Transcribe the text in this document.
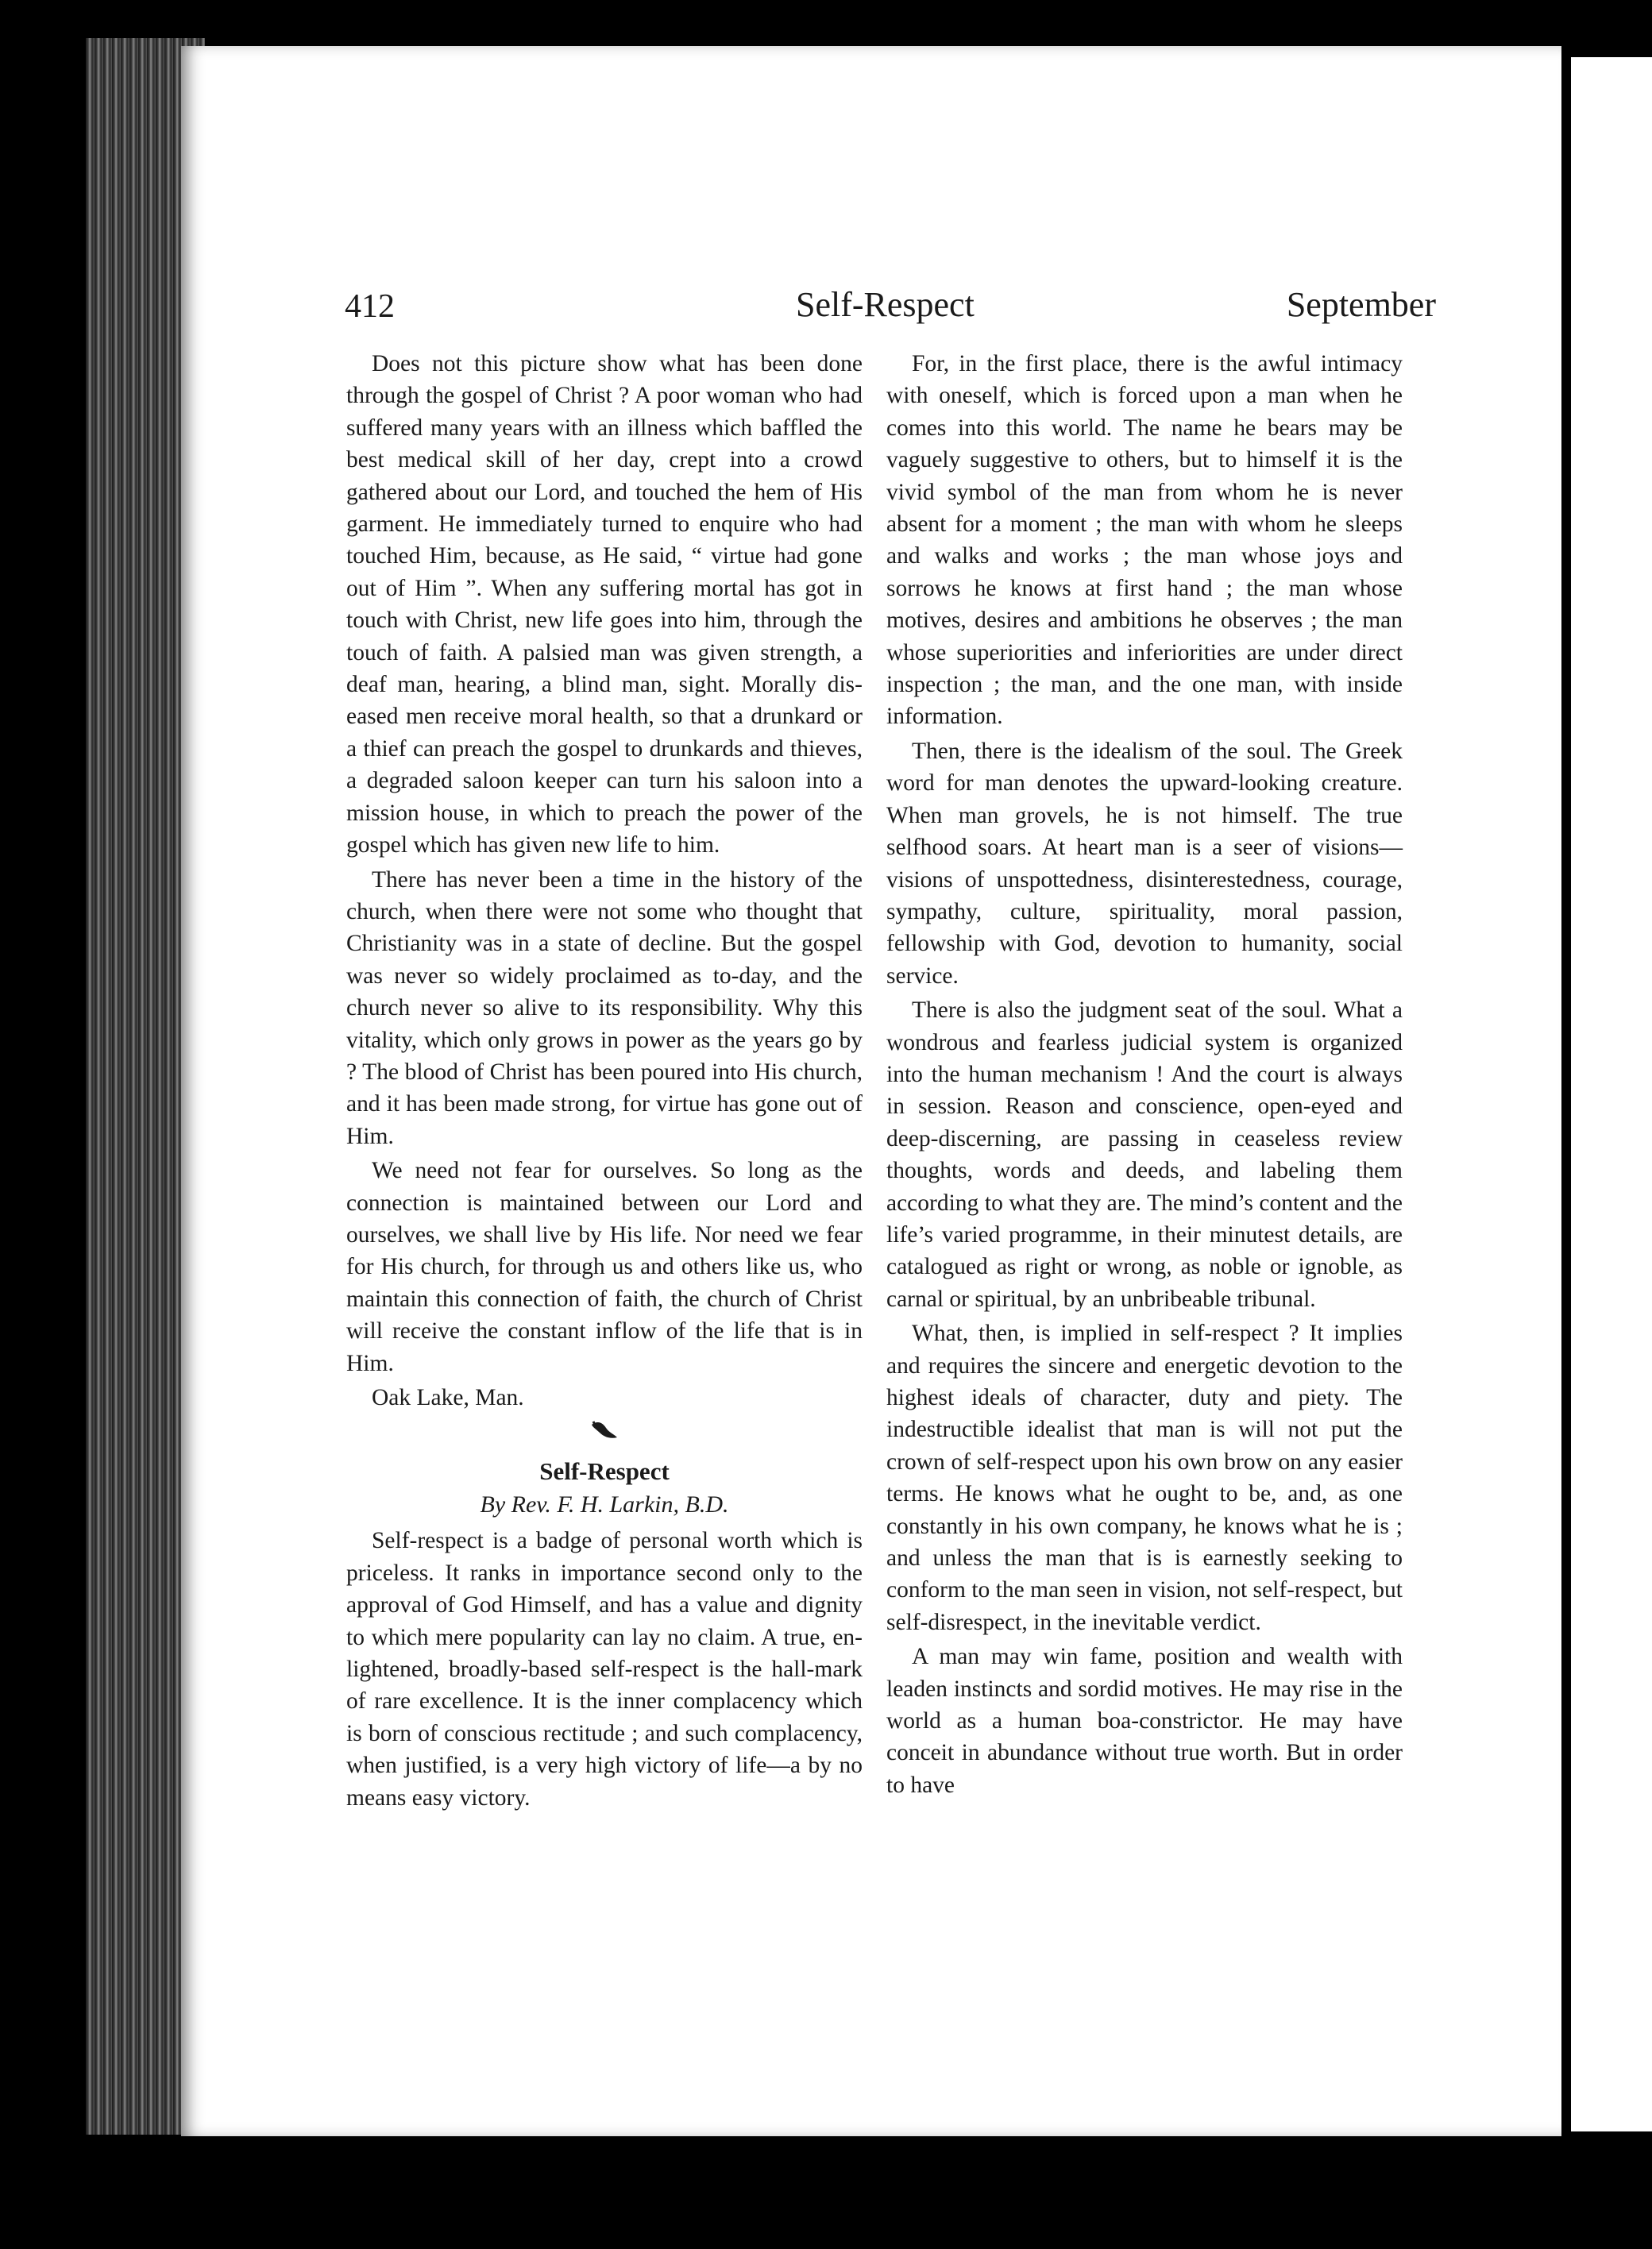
412	Self-Respect	September

Does not this picture show what has been done through the gospel of Christ ? A poor woman who had suffered many years with an illness which baffled the best medical skill of her day, crept into a crowd gathered about our Lord, and touched the hem of His garment. He immediately turned to enquire who had touched Him, because, as He said, “ virtue had gone out of Him ”. When any suffering mortal has got in touch with Christ, new life goes into him, through the touch of faith. A palsied man was given strength, a deaf man, hearing, a blind man, sight. Morally diseased men receive moral health, so that a drunkard or a thief can preach the gospel to drunkards and thieves, a degraded saloon keeper can turn his saloon into a mission house, in which to preach the power of the gospel which has given new life to him.

There has never been a time in the history of the church, when there were not some who thought that Christianity was in a state of decline. But the gospel was never so widely proclaimed as to-day, and the church never so alive to its responsibility. Why this vitality, which only grows in power as the years go by ? The blood of Christ has been poured into His church, and it has been made strong, for virtue has gone out of Him.

We need not fear for ourselves. So long as the connection is maintained between our Lord and ourselves, we shall live by His life. Nor need we fear for His church, for through us and others like us, who maintain this connection of faith, the church of Christ will receive the constant inflow of the life that is in Him.

Oak Lake, Man.

Self-Respect
By Rev. F. H. Larkin, B.D.

Self-respect is a badge of personal worth which is priceless. It ranks in importance second only to the approval of God Himself, and has a value and dignity to which mere popularity can lay no claim. A true, enlightened, broadly-based self-respect is the hall-mark of rare excellence. It is the inner complacency which is born of conscious rectitude ; and such complacency, when justified, is a very high victory of life—a by no means easy victory.

For, in the first place, there is the awful intimacy with oneself, which is forced upon a man when he comes into this world. The name he bears may be vaguely suggestive to others, but to himself it is the vivid symbol of the man from whom he is never absent for a moment ; the man with whom he sleeps and walks and works ; the man whose joys and sorrows he knows at first hand ; the man whose motives, desires and ambitions he observes ; the man whose superiorities and inferiorities are under direct inspection ; the man, and the one man, with inside information.

Then, there is the idealism of the soul. The Greek word for man denotes the upward-looking creature. When man grovels, he is not himself. The true selfhood soars. At heart man is a seer of visions—visions of unspottedness, disinterestedness, courage, sympathy, culture, spirituality, moral passion, fellowship with God, devotion to humanity, social service.

There is also the judgment seat of the soul. What a wondrous and fearless judicial system is organized into the human mechanism ! And the court is always in session. Reason and conscience, open-eyed and deep-discerning, are passing in ceaseless review thoughts, words and deeds, and labeling them according to what they are. The mind’s content and the life’s varied programme, in their minutest details, are catalogued as right or wrong, as noble or ignoble, as carnal or spiritual, by an unbribeable tribunal.

What, then, is implied in self-respect ? It implies and requires the sincere and energetic devotion to the highest ideals of character, duty and piety. The indestructible idealist that man is will not put the crown of self-respect upon his own brow on any easier terms. He knows what he ought to be, and, as one constantly in his own company, he knows what he is ; and unless the man that is is earnestly seeking to conform to the man seen in vision, not self-respect, but self-disrespect, in the inevitable verdict.

A man may win fame, position and wealth with leaden instincts and sordid motives. He may rise in the world as a human boa-constrictor. He may have conceit in abundance without true worth. But in order to have
